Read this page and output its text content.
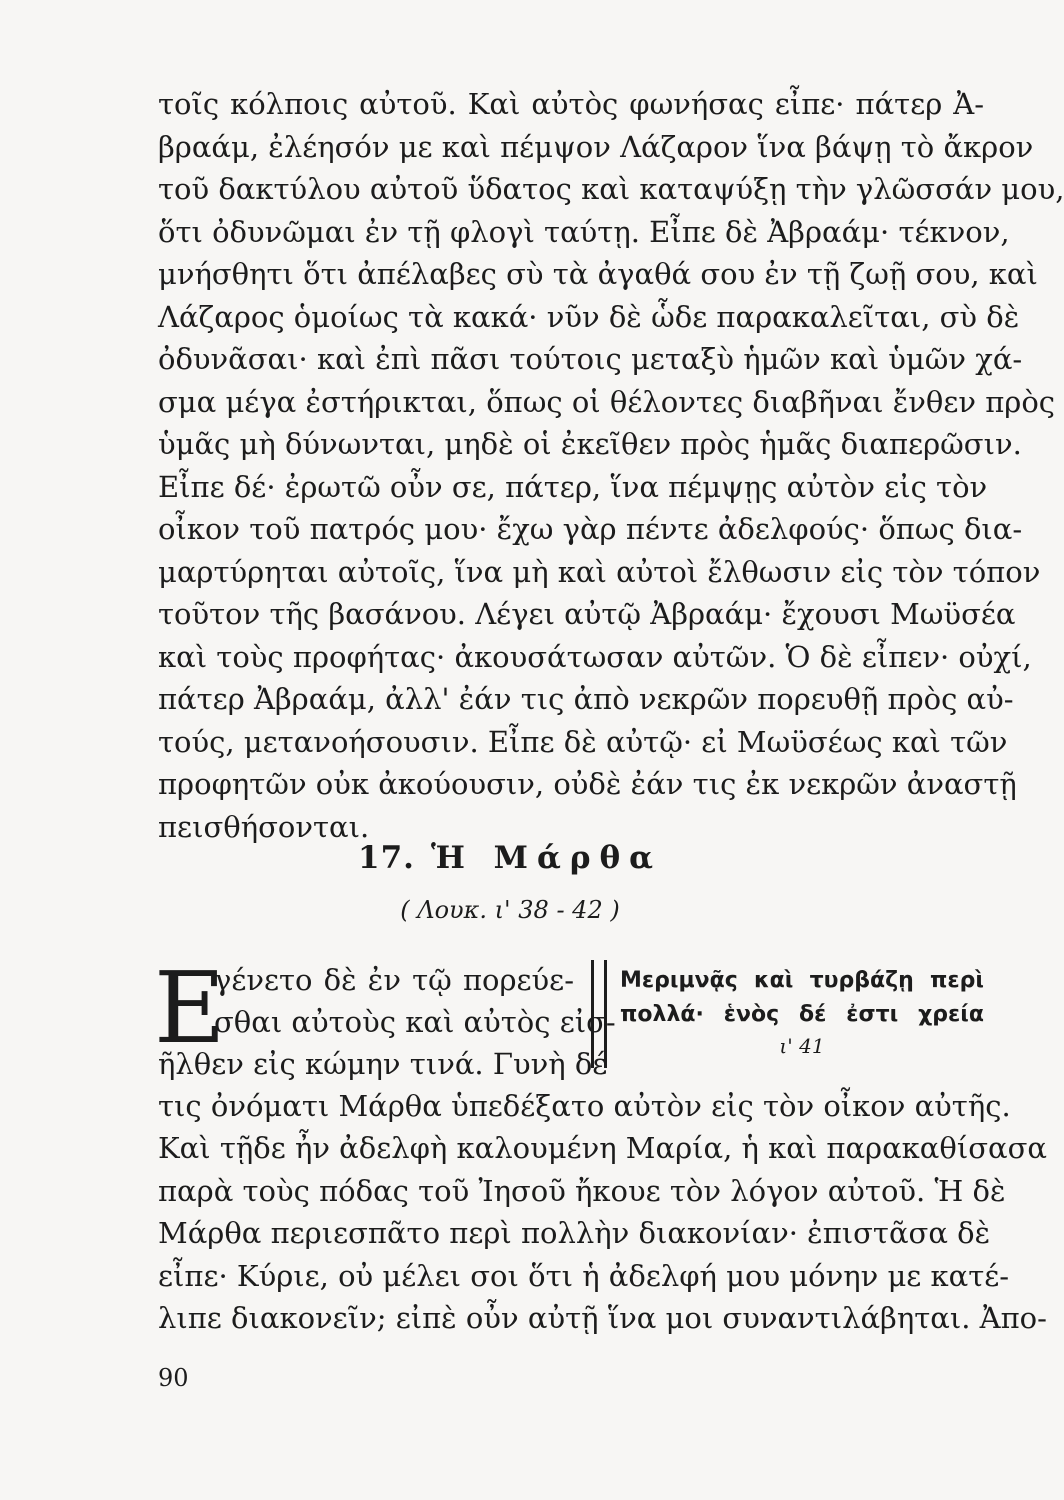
τοῖς κόλποις αὐτοῦ. Καὶ αὐτὸς φωνήσας εἶπε· πάτερ Ἀ-
βραάμ, ἐλέησόν με καὶ πέμψον Λάζαρον ἵνα βάψῃ τὸ ἄκρον
τοῦ δακτύλου αὐτοῦ ὕδατος καὶ καταψύξῃ τὴν γλῶσσάν μου,
ὅτι ὀδυνῶμαι ἐν τῇ φλογὶ ταύτῃ. Εἶπε δὲ Ἀβραάμ· τέκνον,
μνήσθητι ὅτι ἀπέλαβες σὺ τὰ ἀγαθά σου ἐν τῇ ζωῇ σου, καὶ
Λάζαρος ὁμοίως τὰ κακά· νῦν δὲ ὧδε παρακαλεῖται, σὺ δὲ
ὀδυνᾶσαι· καὶ ἐπὶ πᾶσι τούτοις μεταξὺ ἡμῶν καὶ ὑμῶν χά-
σμα μέγα ἐστήρικται, ὅπως οἱ θέλοντες διαβῆναι ἔνθεν πρὸς
ὑμᾶς μὴ δύνωνται, μηδὲ οἱ ἐκεῖθεν πρὸς ἡμᾶς διαπερῶσιν.
Εἶπε δέ· ἐρωτῶ οὖν σε, πάτερ, ἵνα πέμψῃς αὐτὸν εἰς τὸν
οἶκον τοῦ πατρός μου· ἔχω γὰρ πέντε ἀδελφούς· ὅπως δια-
μαρτύρηται αὐτοῖς, ἵνα μὴ καὶ αὐτοὶ ἔλθωσιν εἰς τὸν τόπον
τοῦτον τῆς βασάνου. Λέγει αὐτῷ Ἀβραάμ· ἔχουσι Μωϋσέα
καὶ τοὺς προφήτας· ἀκουσάτωσαν αὐτῶν. Ὁ δὲ εἶπεν· οὐχί,
πάτερ Ἀβραάμ, ἀλλ' ἐάν τις ἀπὸ νεκρῶν πορευθῇ πρὸς αὐ-
τούς, μετανοήσουσιν. Εἶπε δὲ αὐτῷ· εἰ Μωϋσέως καὶ τῶν
προφητῶν οὐκ ἀκούουσιν, οὐδὲ ἐάν τις ἐκ νεκρῶν ἀναστῇ
πεισθήσονται.
17. Ἡ Μάρθα
( Λουκ. ι' 38 - 42 )
Ε
γένετο δὲ ἐν τῷ πορεύε-
σθαι αὐτοὺς καὶ αὐτὸς εἰσ-
ῆλθεν εἰς κώμην τινά. Γυνὴ δέ
Μεριμνᾷς καὶ τυρβάζῃ περὶ
πολλά· ἑνὸς δέ ἐστι χρεία
ι' 41
τις ὀνόματι Μάρθα ὑπεδέξατο αὐτὸν εἰς τὸν οἶκον αὐτῆς.
Καὶ τῇδε ἦν ἀδελφὴ καλουμένη Μαρία, ἡ καὶ παρακαθίσασα
παρὰ τοὺς πόδας τοῦ Ἰησοῦ ἤκουε τὸν λόγον αὐτοῦ. Ἡ δὲ
Μάρθα περιεσπᾶτο περὶ πολλὴν διακονίαν· ἐπιστᾶσα δὲ
εἶπε· Κύριε, οὐ μέλει σοι ὅτι ἡ ἀδελφή μου μόνην με κατέ-
λιπε διακονεῖν; εἰπὲ οὖν αὐτῇ ἵνα μοι συναντιλάβηται. Ἀπο-
90
